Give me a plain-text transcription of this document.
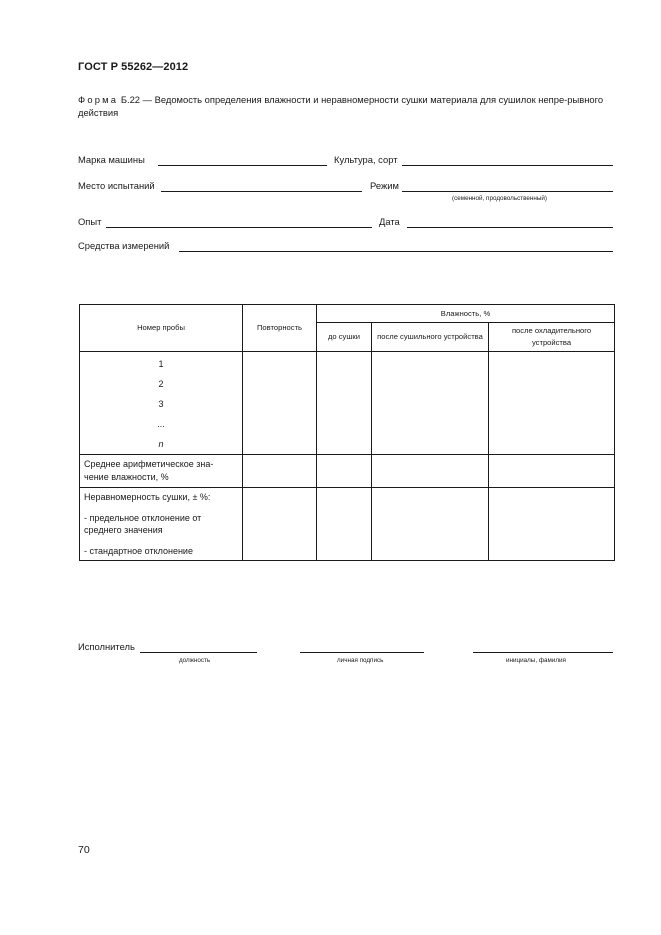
ГОСТ Р 55262—2012
Форма Б.22 — Ведомость определения влажности и неравномерности сушки материала для сушилок непре-рывного действия
Марка машины	Культура, сорт
Место испытаний	Режим
(семенной, продовольственный)
Опыт	Дата
Средства измерений
Номер пробы	Повторность	Влажность, %		
		до сушки	после сушильного устройства	после охладительного устройства

1
2
3
...
n				

Среднее арифметическое зна-чение влажности, %				

Неравномерность сушки, ± %:
- предельное отклонение от среднего значения
- стандартное отклонение				

Исполнитель
должность	личная подпись	инициалы, фамилия
70
